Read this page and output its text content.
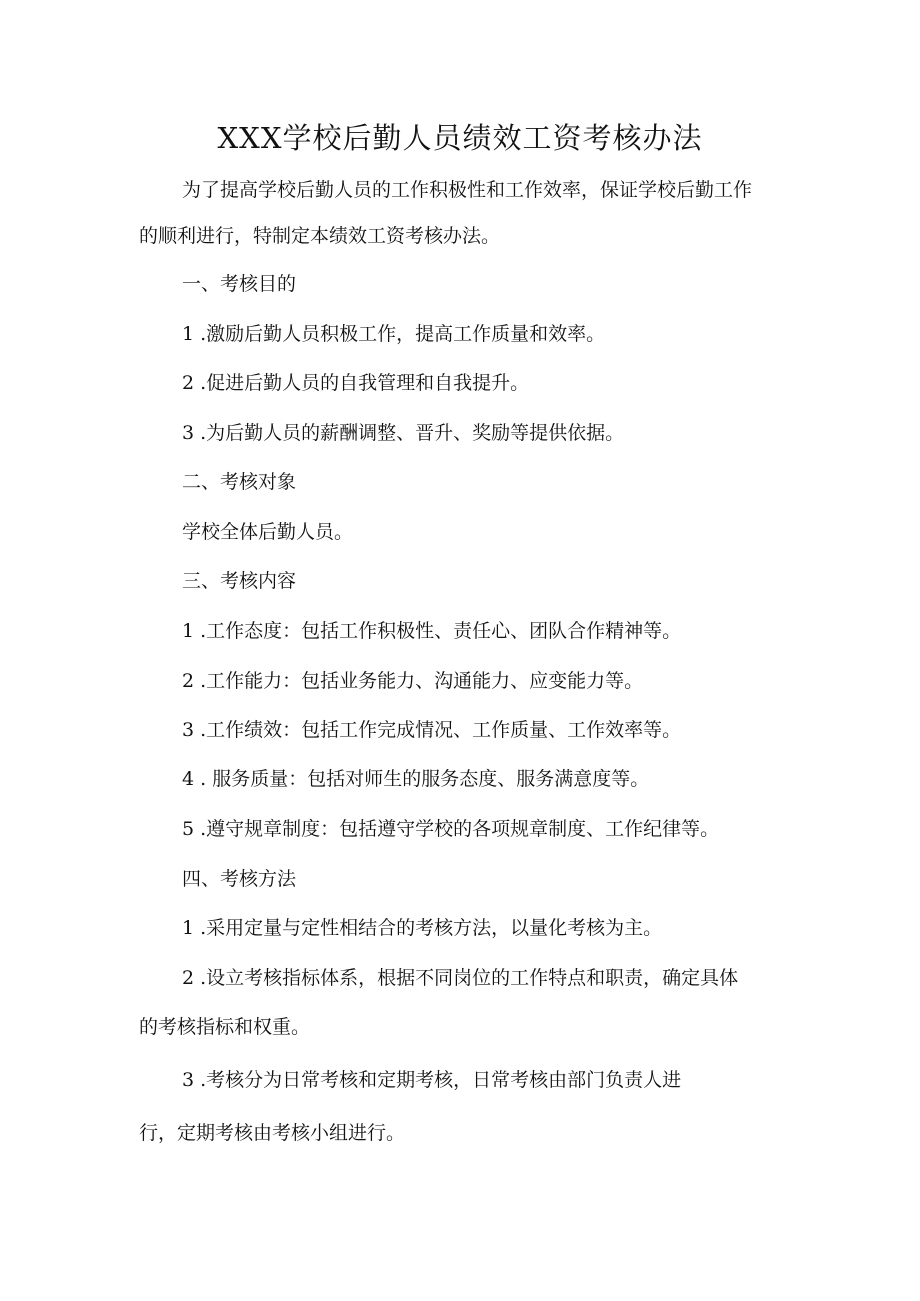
XXX学校后勤人员绩效工资考核办法
为了提高学校后勤人员的工作积极性和工作效率，保证学校后勤工作
的顺利进行，特制定本绩效工资考核办法。
一、考核目的
1 .激励后勤人员积极工作，提高工作质量和效率。
2 .促进后勤人员的自我管理和自我提升。
3 .为后勤人员的薪酬调整、晋升、奖励等提供依据。
二、考核对象
学校全体后勤人员。
三、考核内容
1 .工作态度：包括工作积极性、责任心、团队合作精神等。
2 .工作能力：包括业务能力、沟通能力、应变能力等。
3 .工作绩效：包括工作完成情况、工作质量、工作效率等。
4 . 服务质量：包括对师生的服务态度、服务满意度等。
5 .遵守规章制度：包括遵守学校的各项规章制度、工作纪律等。
四、考核方法
1 .采用定量与定性相结合的考核方法，以量化考核为主。
2 .设立考核指标体系，根据不同岗位的工作特点和职责，确定具体
的考核指标和权重。
3 .考核分为日常考核和定期考核，日常考核由部门负责人进
行，定期考核由考核小组进行。
